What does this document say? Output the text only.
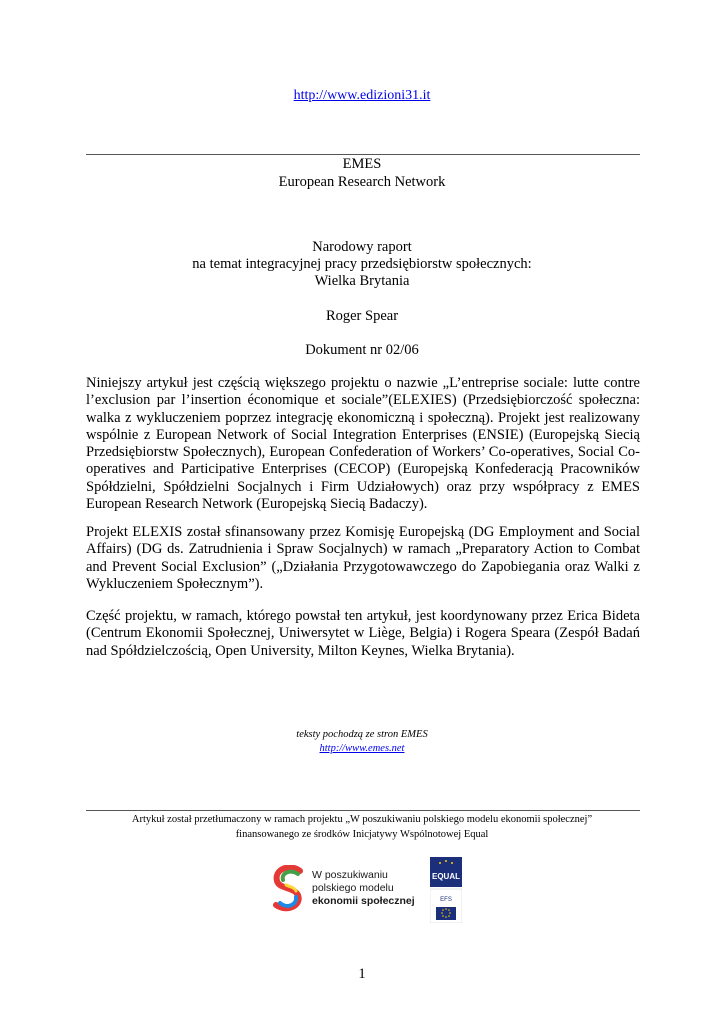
http://www.edizioni31.it
EMES
European Research Network
Narodowy raport
na temat integracyjnej pracy przedsiębiorstw społecznych:
Wielka Brytania
Roger Spear
Dokument nr 02/06

Niniejszy artykuł jest częścią większego projektu o nazwie „L’entreprise sociale: lutte contre l’exclusion par l’insertion économique et sociale”(ELEXIES) (Przedsiębiorczość społeczna: walka z wykluczeniem poprzez integrację ekonomiczną i społeczną). Projekt jest realizowany wspólnie z European Network of Social Integration Enterprises (ENSIE) (Europejską Siecią Przedsiębiorstw Społecznych), European Confederation of Workers’ Co-operatives, Social Co-operatives and Participative Enterprises (CECOP) (Europejską Konfederacją Pracowników Spółdzielni, Spółdzielni Socjalnych i Firm Udziałowych) oraz przy współpracy z EMES European Research Network (Europejską Siecią Badaczy).

Projekt ELEXIS został sfinansowany przez Komisję Europejską (DG Employment and Social Affairs) (DG ds. Zatrudnienia i Spraw Socjalnych) w ramach „Preparatory Action to Combat and Prevent Social Exclusion” („Działania Przygotowawczego do Zapobiegania oraz Walki z Wykluczeniem Społecznym”).

Część projektu, w ramach, którego powstał ten artykuł, jest koordynowany przez Erica Bideta (Centrum Ekonomii Społecznej, Uniwersytet w Liège, Belgia) i Rogera Speara (Zespół Badań nad Spółdzielczością, Open University, Milton Keynes, Wielka Brytania).

teksty pochodzą ze stron EMES
http://www.emes.net
Artykuł został przetłumaczony w ramach projektu „W poszukiwaniu polskiego modelu ekonomii społecznej”
finansowanego ze środków Inicjatywy Wspólnotowej Equal
W poszukiwaniu
polskiego modelu
ekonomii społecznej
EQUAL
EFS
1
